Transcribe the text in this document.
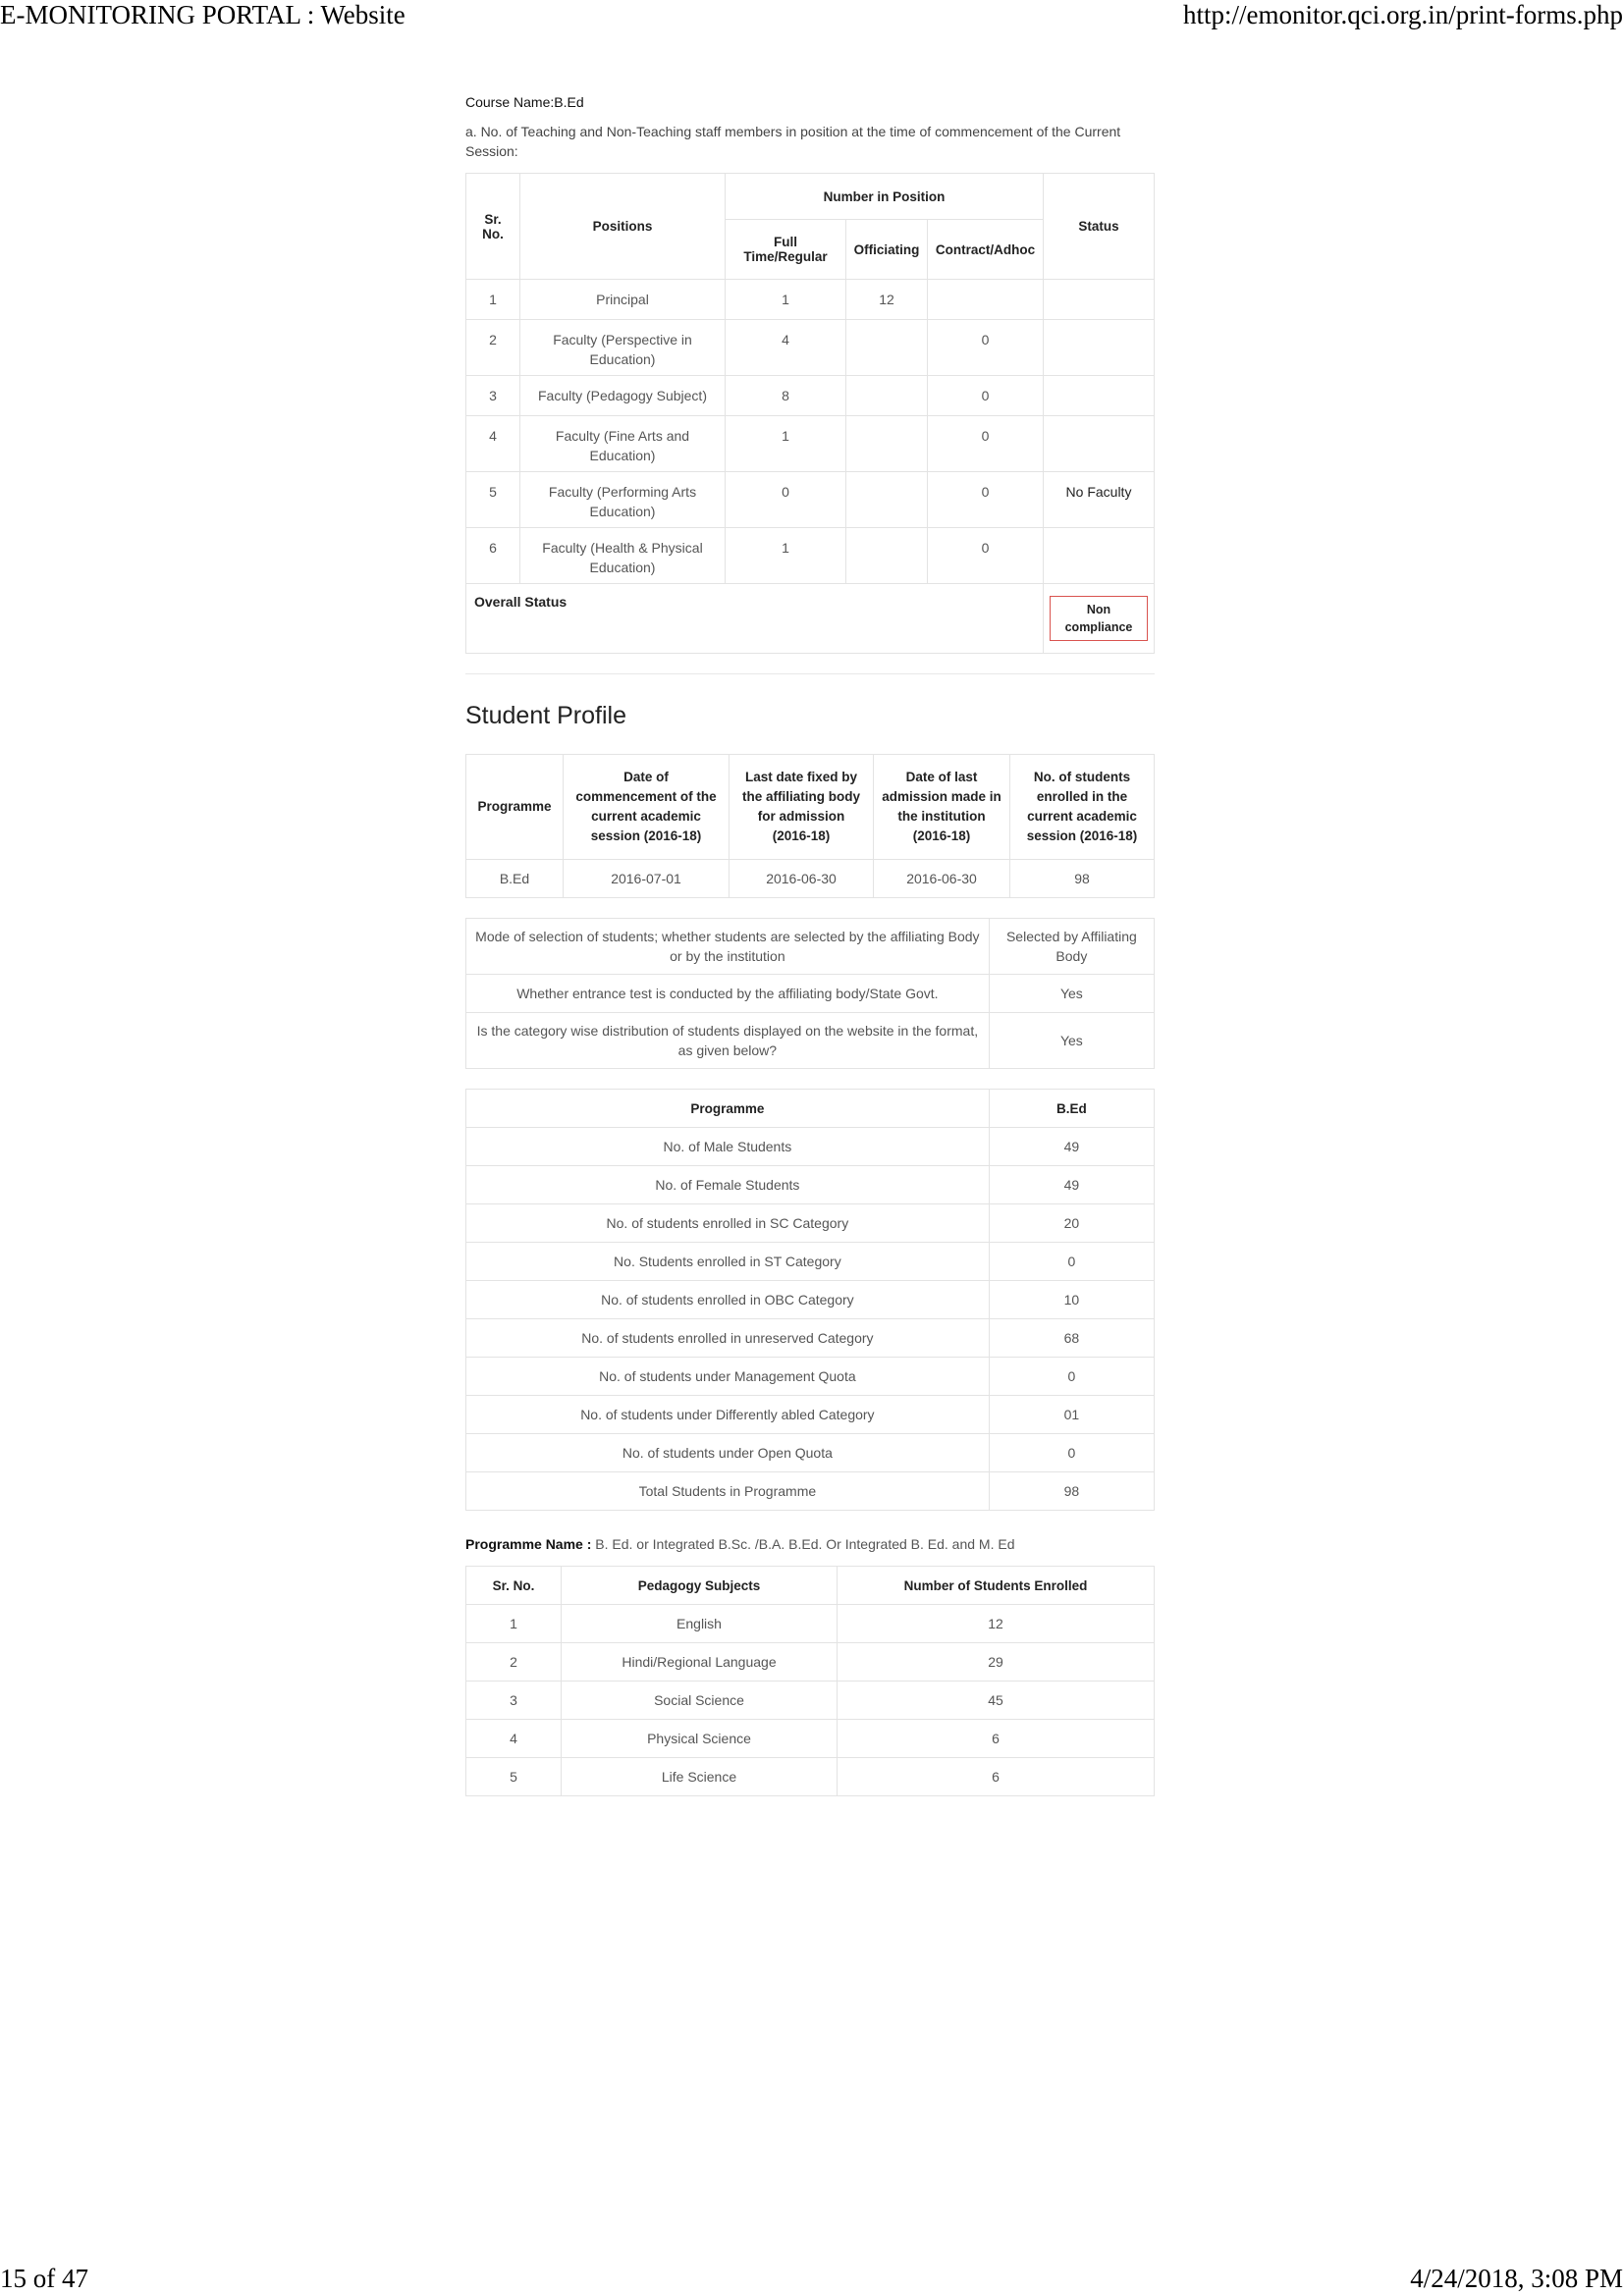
E-MONITORING PORTAL : Website	http://emonitor.qci.org.in/print-forms.php
Course Name:B.Ed
a. No. of Teaching and Non-Teaching staff members in position at the time of commencement of the Current Session:
Sr. No.	Positions	Number in Position			Status
		Full Time/Regular	Officiating	Contract/Adhoc	
1	Principal	1	12		
2	Faculty (Perspective in Education)	4		0	
3	Faculty (Pedagogy Subject)	8		0	
4	Faculty (Fine Arts and Education)	1		0	
5	Faculty (Performing Arts Education)	0		0	No Faculty
6	Faculty (Health & Physical Education)	1		0	
Overall Status					Non compliance
Student Profile
Programme	Date of commencement of the current academic session (2016-18)	Last date fixed by the affiliating body for admission (2016-18)	Date of last admission made in the institution (2016-18)	No. of students enrolled in the current academic session (2016-18)
B.Ed	2016-07-01	2016-06-30	2016-06-30	98
Mode of selection of students; whether students are selected by the affiliating Body or by the institution	Selected by Affiliating Body
Whether entrance test is conducted by the affiliating body/State Govt.	Yes
Is the category wise distribution of students displayed on the website in the format, as given below?	Yes
Programme	B.Ed
No. of Male Students	49
No. of Female Students	49
No. of students enrolled in SC Category	20
No. Students enrolled in ST Category	0
No. of students enrolled in OBC Category	10
No. of students enrolled in unreserved Category	68
No. of students under Management Quota	0
No. of students under Differently abled Category	01
No. of students under Open Quota	0
Total Students in Programme	98
Programme Name : B. Ed. or Integrated B.Sc. /B.A. B.Ed. Or Integrated B. Ed. and M. Ed
Sr. No.	Pedagogy Subjects	Number of Students Enrolled
1	English	12
2	Hindi/Regional Language	29
3	Social Science	45
4	Physical Science	6
5	Life Science	6
15 of 47	4/24/2018, 3:08 PM
